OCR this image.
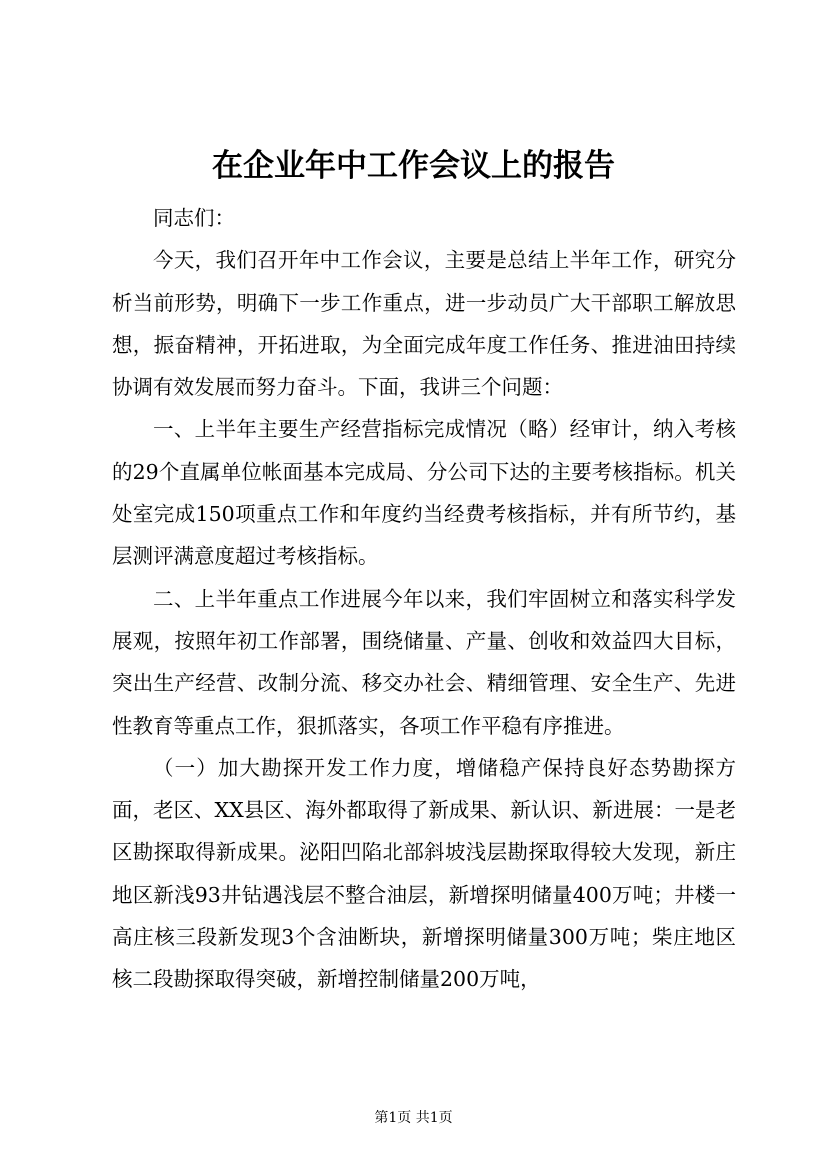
在企业年中工作会议上的报告

同志们：

今天，我们召开年中工作会议，主要是总结上半年工作，研究分析当前形势，明确下一步工作重点，进一步动员广大干部职工解放思想，振奋精神，开拓进取，为全面完成年度工作任务、推进油田持续协调有效发展而努力奋斗。下面，我讲三个问题：

一、上半年主要生产经营指标完成情况（略）经审计，纳入考核的29个直属单位帐面基本完成局、分公司下达的主要考核指标。机关处室完成150项重点工作和年度约当经费考核指标，并有所节约，基层测评满意度超过考核指标。

二、上半年重点工作进展今年以来，我们牢固树立和落实科学发展观，按照年初工作部署，围绕储量、产量、创收和效益四大目标，突出生产经营、改制分流、移交办社会、精细管理、安全生产、先进性教育等重点工作，狠抓落实，各项工作平稳有序推进。

（一）加大勘探开发工作力度，增储稳产保持良好态势勘探方面，老区、XX县区、海外都取得了新成果、新认识、新进展：一是老区勘探取得新成果。泌阳凹陷北部斜坡浅层勘探取得较大发现，新庄地区新浅93井钻遇浅层不整合油层，新增探明储量400万吨；井楼一高庄核三段新发现3个含油断块，新增探明储量300万吨；柴庄地区核二段勘探取得突破，新增控制储量200万吨，

第1页 共1页
